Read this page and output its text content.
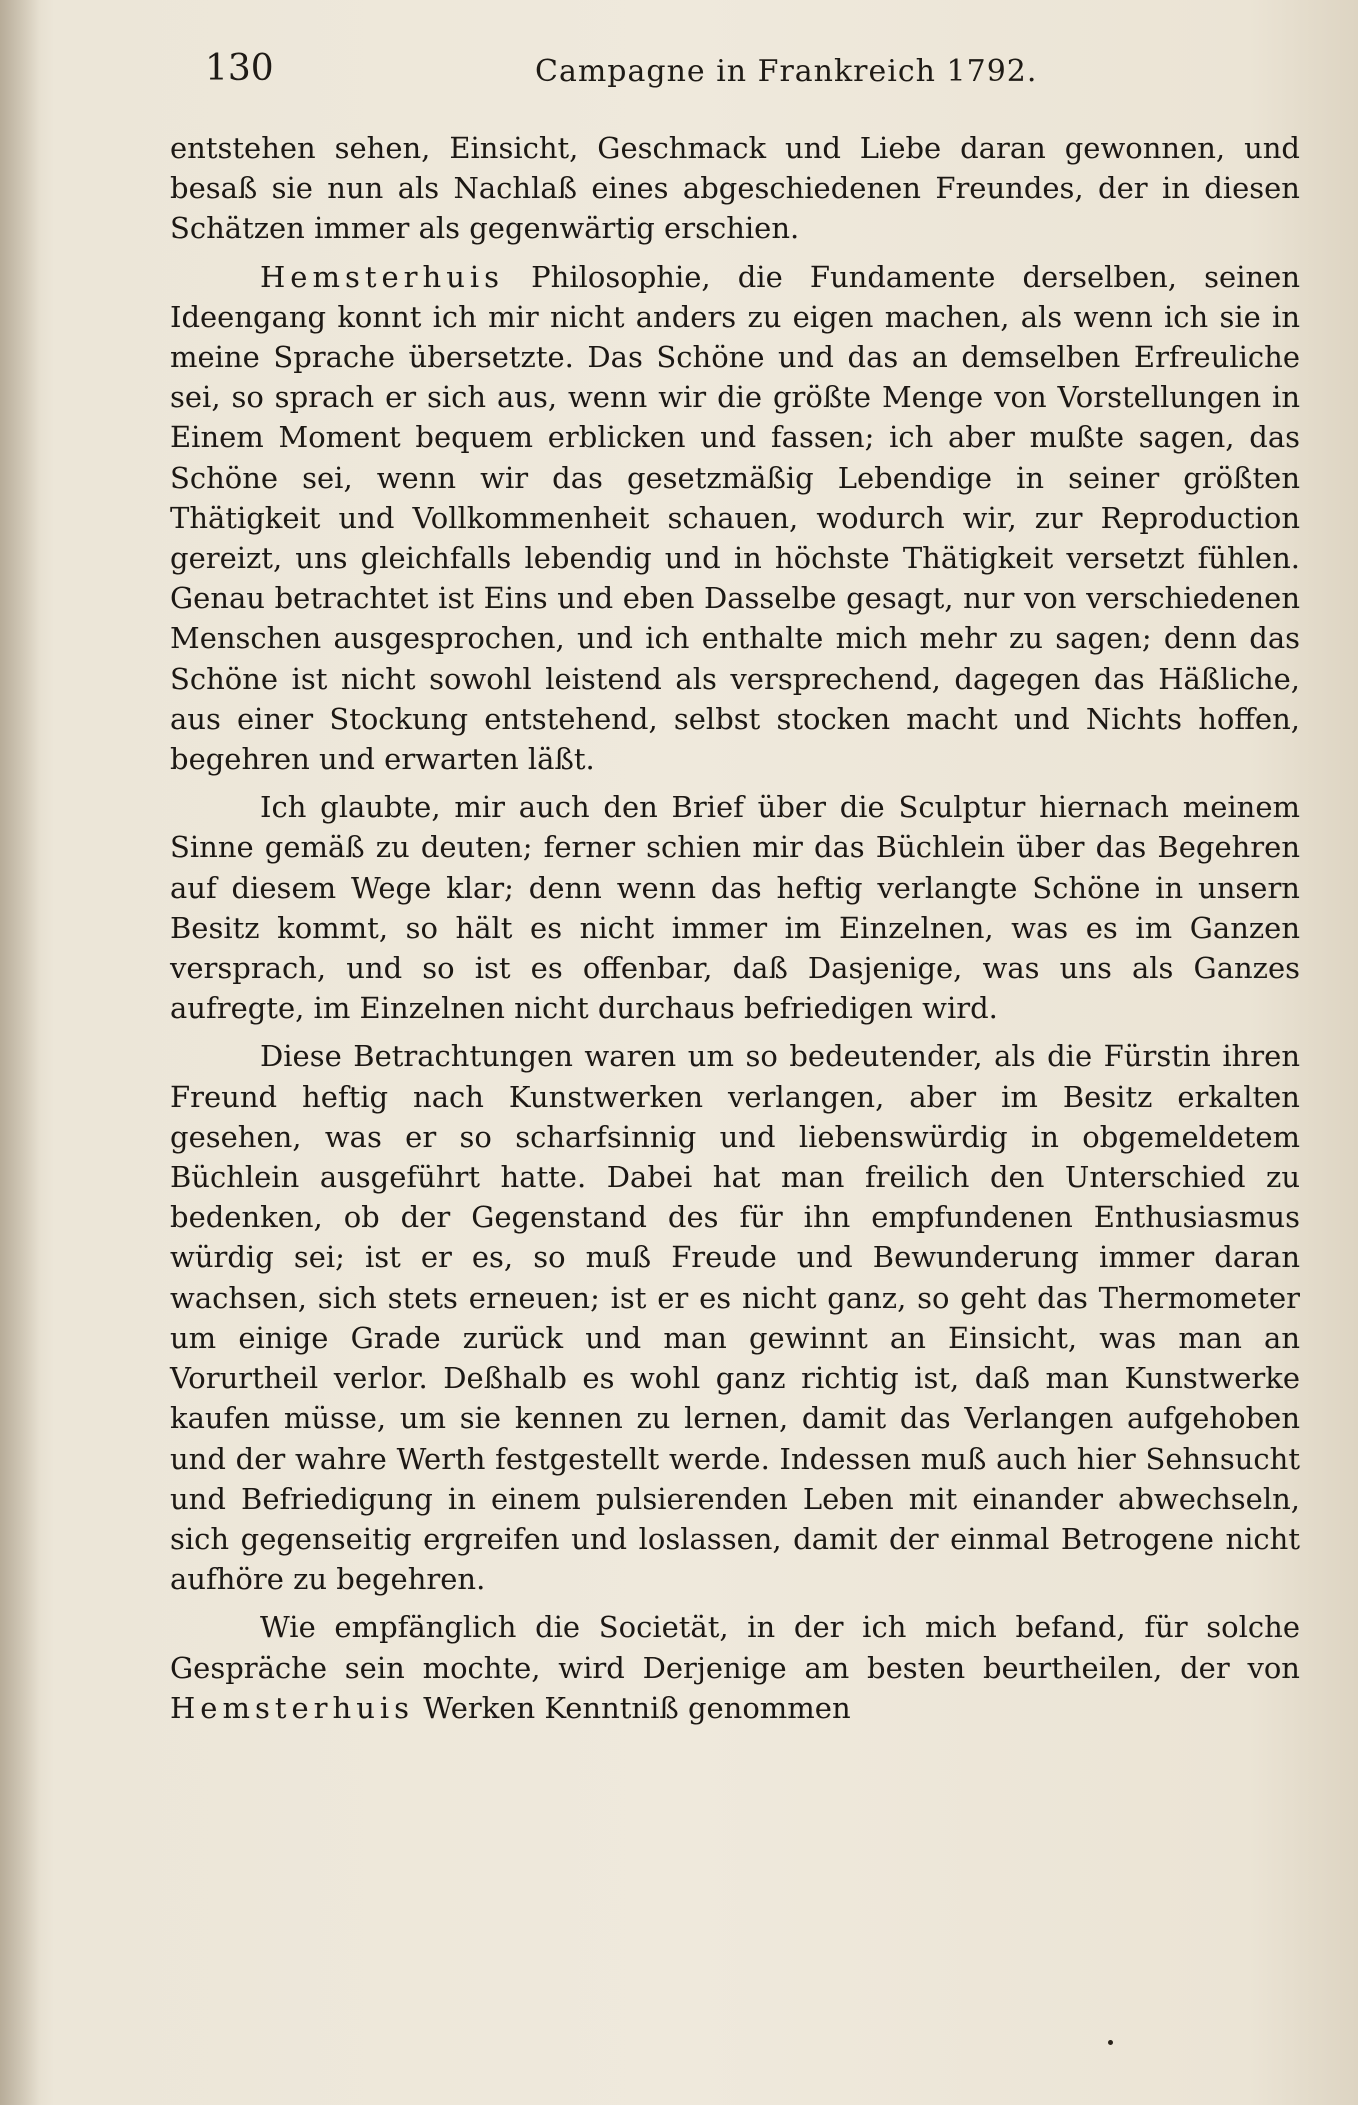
130	Campagne in Frankreich 1792.

entstehen sehen, Einsicht, Geschmack und Liebe daran gewonnen, und besaß sie nun als Nachlaß eines abgeschiedenen Freundes, der in diesen Schätzen immer als gegenwärtig erschien.

Hemsterhuis Philosophie, die Fundamente derselben, seinen Ideengang konnt ich mir nicht anders zu eigen machen, als wenn ich sie in meine Sprache übersetzte. Das Schöne und das an demselben Erfreuliche sei, so sprach er sich aus, wenn wir die größte Menge von Vorstellungen in Einem Moment bequem erblicken und fassen; ich aber mußte sagen, das Schöne sei, wenn wir das gesetzmäßig Lebendige in seiner größten Thätigkeit und Vollkommenheit schauen, wodurch wir, zur Reproduction gereizt, uns gleichfalls lebendig und in höchste Thätigkeit versetzt fühlen. Genau betrachtet ist Eins und eben Dasselbe gesagt, nur von verschiedenen Menschen ausgesprochen, und ich enthalte mich mehr zu sagen; denn das Schöne ist nicht sowohl leistend als versprechend, dagegen das Häßliche, aus einer Stockung entstehend, selbst stocken macht und Nichts hoffen, begehren und erwarten läßt.

Ich glaubte, mir auch den Brief über die Sculptur hiernach meinem Sinne gemäß zu deuten; ferner schien mir das Büchlein über das Begehren auf diesem Wege klar; denn wenn das heftig verlangte Schöne in unsern Besitz kommt, so hält es nicht immer im Einzelnen, was es im Ganzen versprach, und so ist es offenbar, daß Dasjenige, was uns als Ganzes aufregte, im Einzelnen nicht durchaus befriedigen wird.

Diese Betrachtungen waren um so bedeutender, als die Fürstin ihren Freund heftig nach Kunstwerken verlangen, aber im Besitz erkalten gesehen, was er so scharfsinnig und liebenswürdig in obgemeldetem Büchlein ausgeführt hatte. Dabei hat man freilich den Unterschied zu bedenken, ob der Gegenstand des für ihn empfundenen Enthusiasmus würdig sei; ist er es, so muß Freude und Bewunderung immer daran wachsen, sich stets erneuen; ist er es nicht ganz, so geht das Thermometer um einige Grade zurück und man gewinnt an Einsicht, was man an Vorurtheil verlor. Deßhalb es wohl ganz richtig ist, daß man Kunstwerke kaufen müsse, um sie kennen zu lernen, damit das Verlangen aufgehoben und der wahre Werth festgestellt werde. Indessen muß auch hier Sehnsucht und Befriedigung in einem pulsierenden Leben mit einander abwechseln, sich gegenseitig ergreifen und loslassen, damit der einmal Betrogene nicht aufhöre zu begehren.

Wie empfänglich die Societät, in der ich mich befand, für solche Gespräche sein mochte, wird Derjenige am besten beurtheilen, der von Hemsterhuis Werken Kenntniß genommen
